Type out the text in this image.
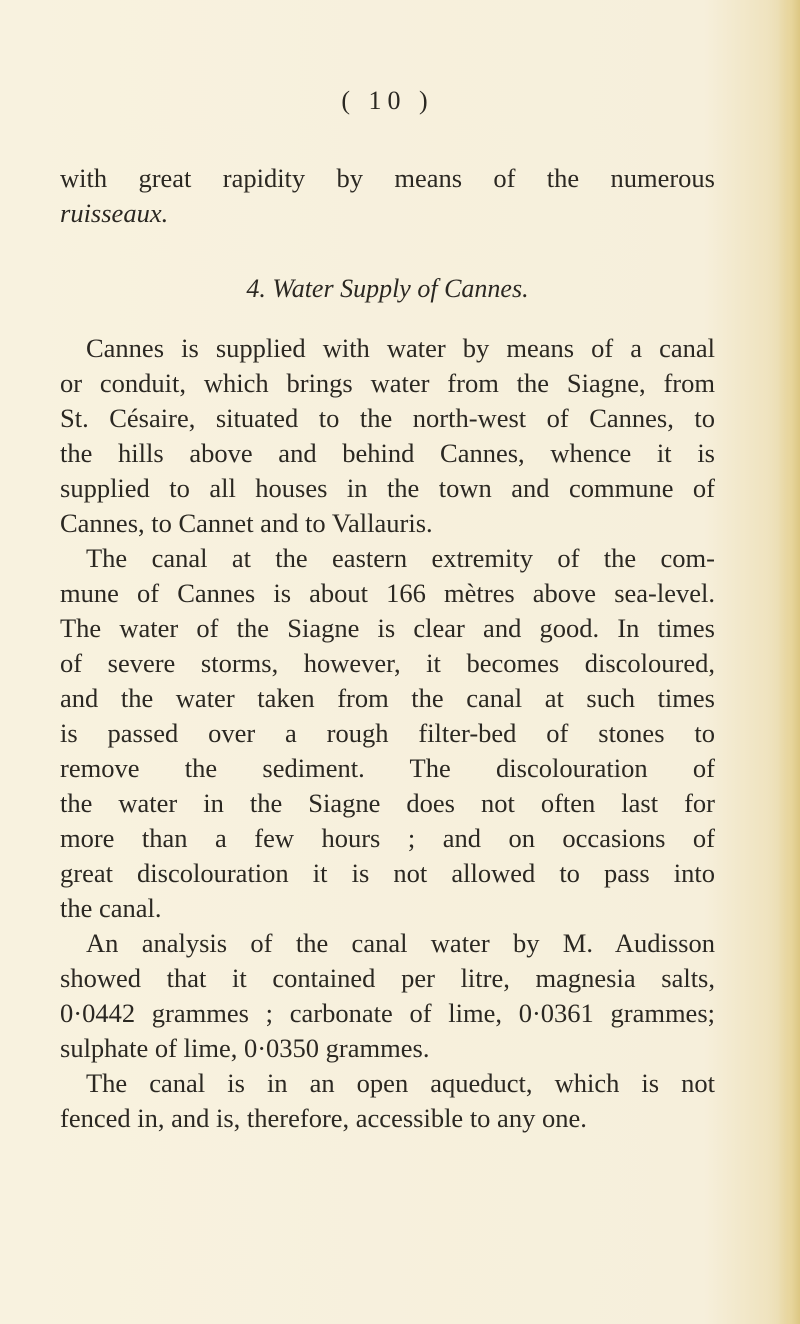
( 10 )
with great rapidity by means of the numerous
ruisseaux.
4. Water Supply of Cannes.
Cannes is supplied with water by means of a canal
or conduit, which brings water from the Siagne, from
St. Césaire, situated to the north-west of Cannes, to
the hills above and behind Cannes, whence it is
supplied to all houses in the town and commune of
Cannes, to Cannet and to Vallauris.
The canal at the eastern extremity of the com-
mune of Cannes is about 166 mètres above sea-level.
The water of the Siagne is clear and good. In times
of severe storms, however, it becomes discoloured,
and the water taken from the canal at such times
is passed over a rough filter-bed of stones to
remove the sediment. The discolouration of
the water in the Siagne does not often last for
more than a few hours ; and on occasions of
great discolouration it is not allowed to pass into
the canal.
An analysis of the canal water by M. Audisson
showed that it contained per litre, magnesia salts,
0·0442 grammes ; carbonate of lime, 0·0361 grammes;
sulphate of lime, 0·0350 grammes.
The canal is in an open aqueduct, which is not
fenced in, and is, therefore, accessible to any one.
